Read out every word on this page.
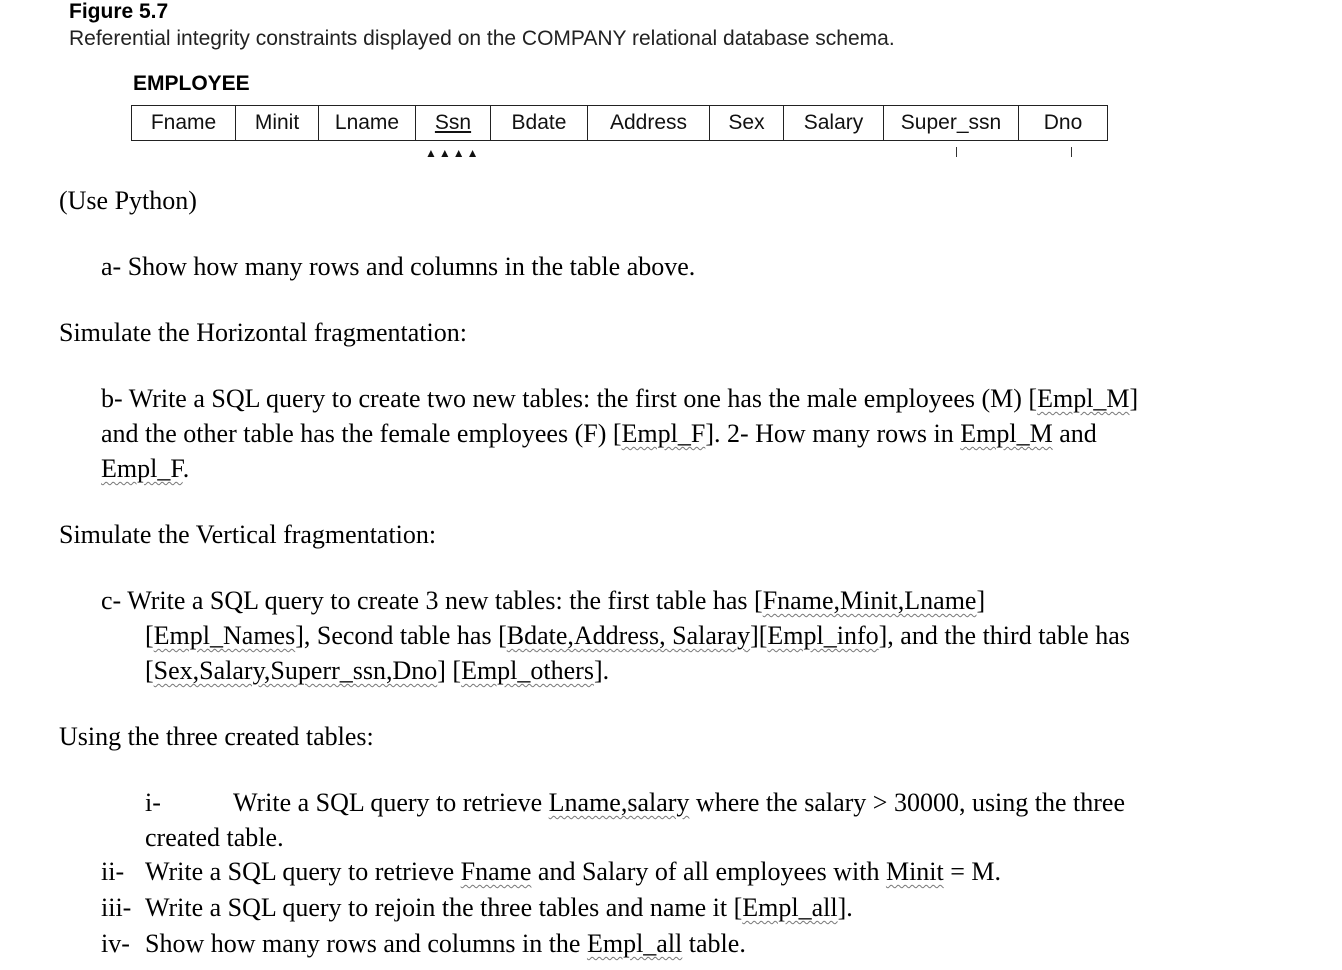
Figure 5.7
Referential integrity constraints displayed on the COMPANY relational database schema.
EMPLOYEE
Fname Minit Lname Ssn Bdate Address Sex Salary Super_ssn Dno
▲▲▲▲
(Use Python)
a- Show how many rows and columns in the table above.
Simulate the Horizontal fragmentation:
b- Write a SQL query to create two new tables: the first one has the male employees (M) [Empl_M]
and the other table has the female employees (F) [Empl_F]. 2- How many rows in Empl_M and
Empl_F.
Simulate the Vertical fragmentation:
c- Write a SQL query to create 3 new tables: the first table has [Fname,Minit,Lname]
[Empl_Names], Second table has [Bdate,Address, Salaray][Empl_info], and the third table has
[Sex,Salary,Superr_ssn,Dno] [Empl_others].
Using the three created tables:
i-	Write a SQL query to retrieve Lname,salary where the salary > 30000, using the three
created table.
ii- Write a SQL query to retrieve Fname and Salary of all employees with Minit = M.
iii- Write a SQL query to rejoin the three tables and name it [Empl_all].
iv- Show how many rows and columns in the Empl_all table.
